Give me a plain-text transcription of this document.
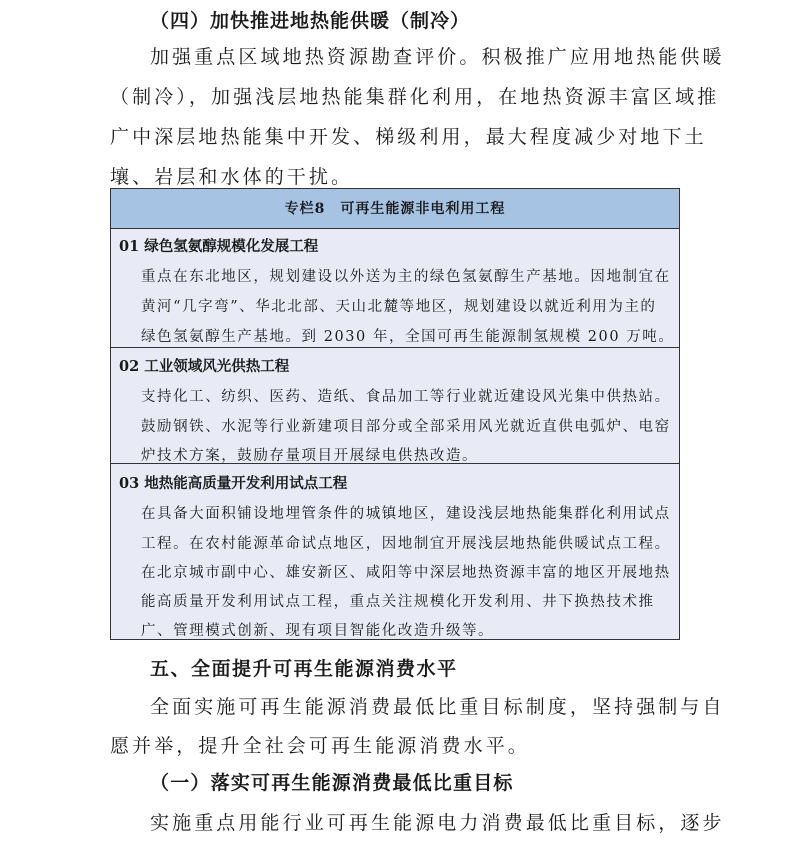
（四）加快推进地热能供暖（制冷）

加强重点区域地热资源勘查评价。积极推广应用地热能供暖

（制冷），加强浅层地热能集群化利用，在地热资源丰富区域推

广中深层地热能集中开发、梯级利用，最大程度减少对地下土

壤、岩层和水体的干扰。

专栏8　可再生能源非电利用工程
01 绿色氢氨醇规模化发展工程
重点在东北地区，规划建设以外送为主的绿色氢氨醇生产基地。因地制宜在
黄河“几字弯”、华北北部、天山北麓等地区，规划建设以就近利用为主的
绿色氢氨醇生产基地。到 2030 年，全国可再生能源制氢规模 200 万吨。
02 工业领域风光供热工程
支持化工、纺织、医药、造纸、食品加工等行业就近建设风光集中供热站。
鼓励钢铁、水泥等行业新建项目部分或全部采用风光就近直供电弧炉、电窑
炉技术方案，鼓励存量项目开展绿电供热改造。
03 地热能高质量开发利用试点工程
在具备大面积铺设地埋管条件的城镇地区，建设浅层地热能集群化利用试点
工程。在农村能源革命试点地区，因地制宜开展浅层地热能供暖试点工程。
在北京城市副中心、雄安新区、咸阳等中深层地热资源丰富的地区开展地热
能高质量开发利用试点工程，重点关注规模化开发利用、井下换热技术推
广、管理模式创新、现有项目智能化改造升级等。

五、全面提升可再生能源消费水平

全面实施可再生能源消费最低比重目标制度，坚持强制与自

愿并举，提升全社会可再生能源消费水平。

（一）落实可再生能源消费最低比重目标

实施重点用能行业可再生能源电力消费最低比重目标，逐步
